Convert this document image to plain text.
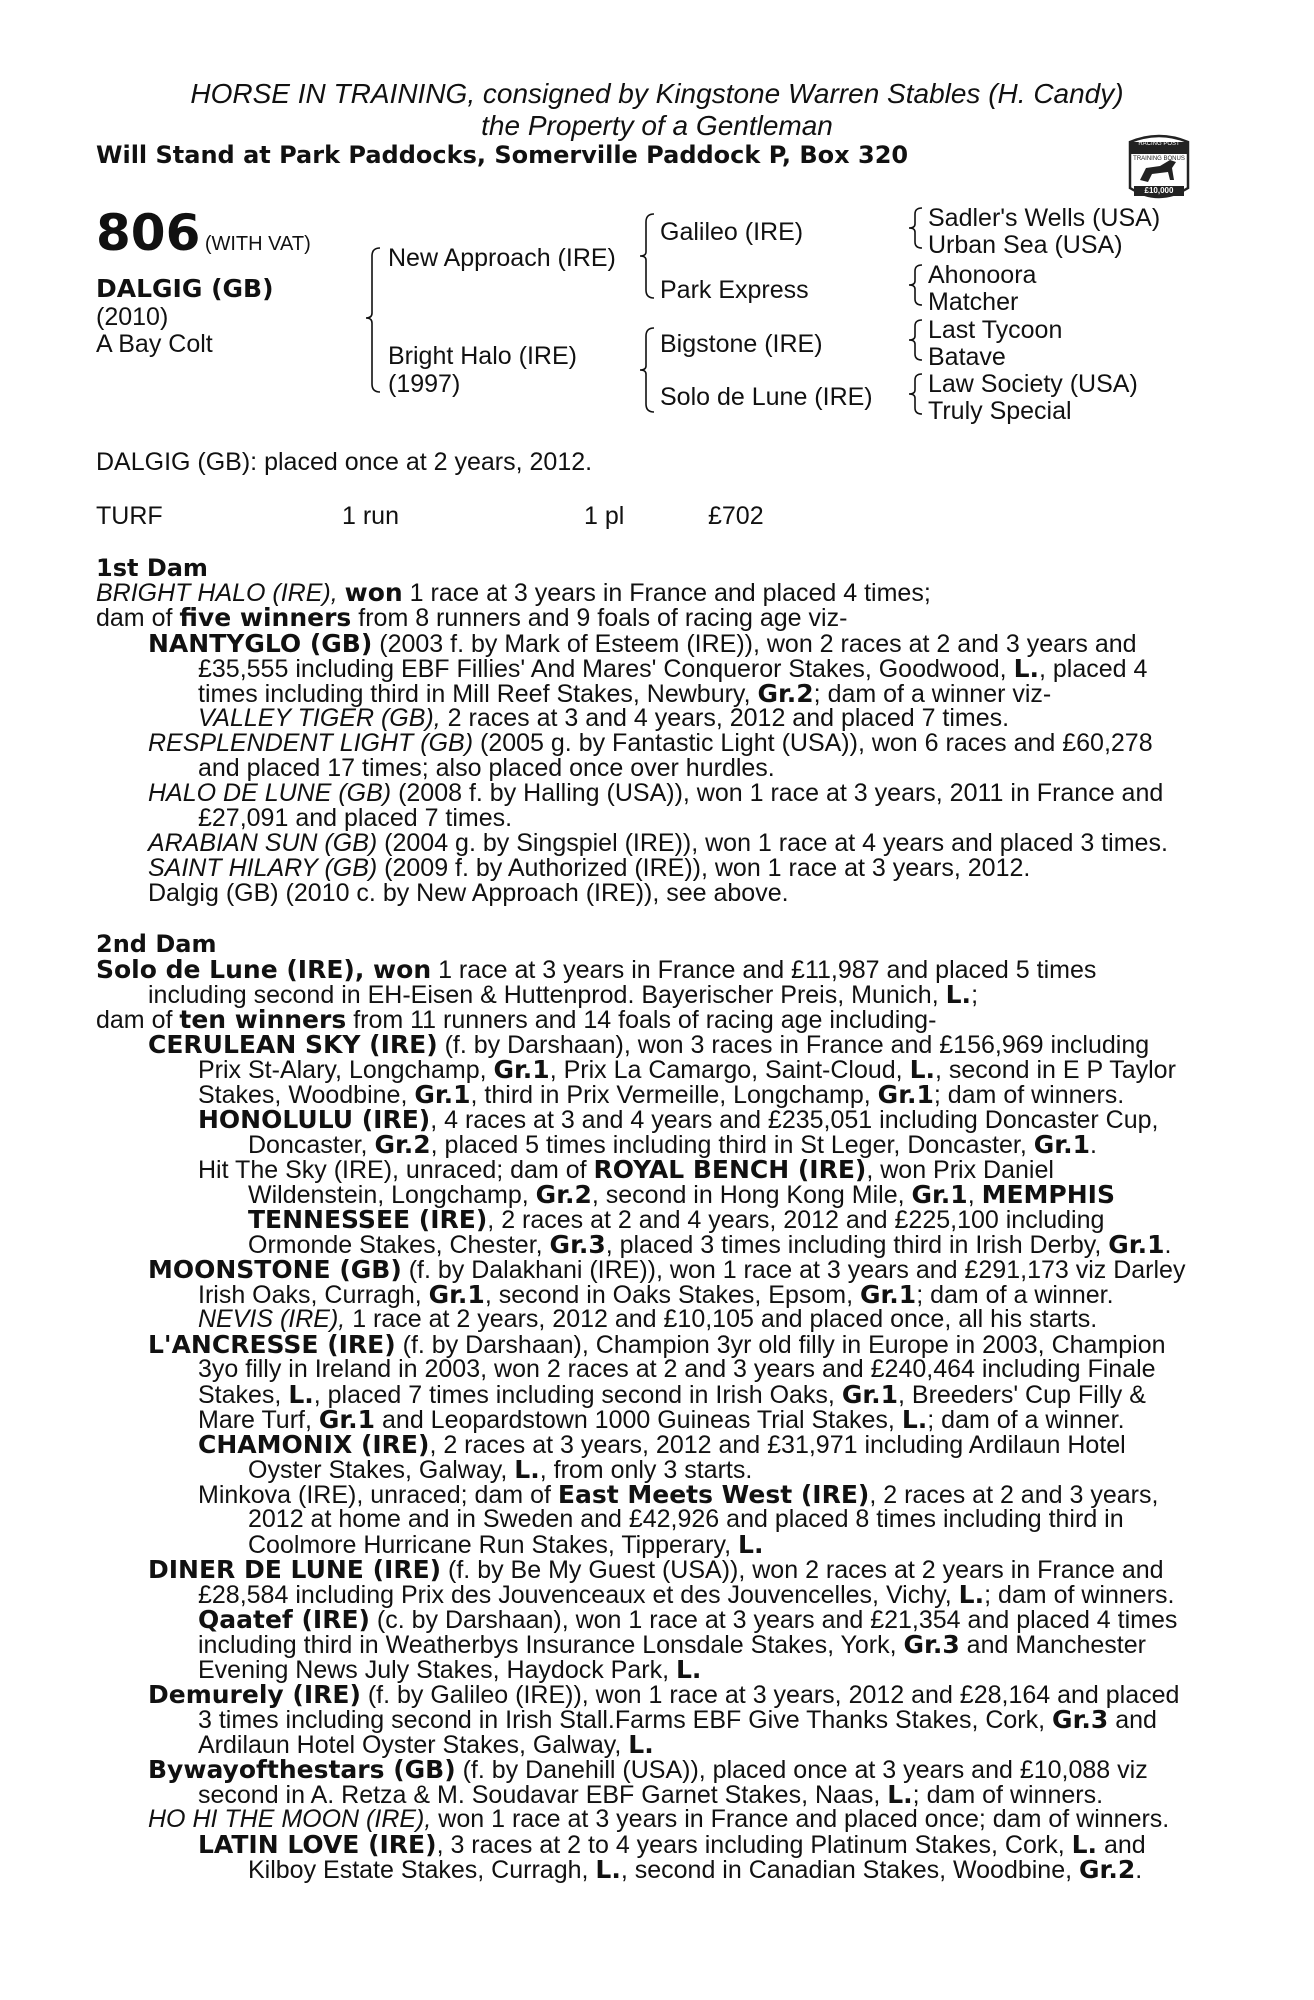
HORSE IN TRAINING, consigned by Kingstone Warren Stables (H. Candy)
the Property of a Gentleman
Will Stand at Park Paddocks, Somerville Paddock P, Box 320	RACING POST
TRAINING BONUS
£10,000
806 (WITH VAT)
DALGIG (GB)
(2010)
A Bay Colt
New Approach (IRE)
Bright Halo (IRE)
(1997)
Galileo (IRE)
Park Express
Bigstone (IRE)
Solo de Lune (IRE)
Sadler's Wells (USA)
Urban Sea (USA)
Ahonoora
Matcher
Last Tycoon
Batave
Law Society (USA)
Truly Special
DALGIG (GB): placed once at 2 years, 2012.
TURF	1 run	1 pl	£702
1st Dam
BRIGHT HALO (IRE), won 1 race at 3 years in France and placed 4 times;
dam of five winners from 8 runners and 9 foals of racing age viz-
NANTYGLO (GB) (2003 f. by Mark of Esteem (IRE)), won 2 races at 2 and 3 years and
£35,555 including EBF Fillies' And Mares' Conqueror Stakes, Goodwood, L., placed 4
times including third in Mill Reef Stakes, Newbury, Gr.2; dam of a winner viz-
VALLEY TIGER (GB), 2 races at 3 and 4 years, 2012 and placed 7 times.
RESPLENDENT LIGHT (GB) (2005 g. by Fantastic Light (USA)), won 6 races and £60,278
and placed 17 times; also placed once over hurdles.
HALO DE LUNE (GB) (2008 f. by Halling (USA)), won 1 race at 3 years, 2011 in France and
£27,091 and placed 7 times.
ARABIAN SUN (GB) (2004 g. by Singspiel (IRE)), won 1 race at 4 years and placed 3 times.
SAINT HILARY (GB) (2009 f. by Authorized (IRE)), won 1 race at 3 years, 2012.
Dalgig (GB) (2010 c. by New Approach (IRE)), see above.
2nd Dam
Solo de Lune (IRE), won 1 race at 3 years in France and £11,987 and placed 5 times
including second in EH-Eisen & Huttenprod. Bayerischer Preis, Munich, L.;
dam of ten winners from 11 runners and 14 foals of racing age including-
CERULEAN SKY (IRE) (f. by Darshaan), won 3 races in France and £156,969 including
Prix St-Alary, Longchamp, Gr.1, Prix La Camargo, Saint-Cloud, L., second in E P Taylor
Stakes, Woodbine, Gr.1, third in Prix Vermeille, Longchamp, Gr.1; dam of winners.
HONOLULU (IRE), 4 races at 3 and 4 years and £235,051 including Doncaster Cup,
Doncaster, Gr.2, placed 5 times including third in St Leger, Doncaster, Gr.1.
Hit The Sky (IRE), unraced; dam of ROYAL BENCH (IRE), won Prix Daniel
Wildenstein, Longchamp, Gr.2, second in Hong Kong Mile, Gr.1, MEMPHIS
TENNESSEE (IRE), 2 races at 2 and 4 years, 2012 and £225,100 including
Ormonde Stakes, Chester, Gr.3, placed 3 times including third in Irish Derby, Gr.1.
MOONSTONE (GB) (f. by Dalakhani (IRE)), won 1 race at 3 years and £291,173 viz Darley
Irish Oaks, Curragh, Gr.1, second in Oaks Stakes, Epsom, Gr.1; dam of a winner.
NEVIS (IRE), 1 race at 2 years, 2012 and £10,105 and placed once, all his starts.
L'ANCRESSE (IRE) (f. by Darshaan), Champion 3yr old filly in Europe in 2003, Champion
3yo filly in Ireland in 2003, won 2 races at 2 and 3 years and £240,464 including Finale
Stakes, L., placed 7 times including second in Irish Oaks, Gr.1, Breeders' Cup Filly &
Mare Turf, Gr.1 and Leopardstown 1000 Guineas Trial Stakes, L.; dam of a winner.
CHAMONIX (IRE), 2 races at 3 years, 2012 and £31,971 including Ardilaun Hotel
Oyster Stakes, Galway, L., from only 3 starts.
Minkova (IRE), unraced; dam of East Meets West (IRE), 2 races at 2 and 3 years,
2012 at home and in Sweden and £42,926 and placed 8 times including third in
Coolmore Hurricane Run Stakes, Tipperary, L.
DINER DE LUNE (IRE) (f. by Be My Guest (USA)), won 2 races at 2 years in France and
£28,584 including Prix des Jouvenceaux et des Jouvencelles, Vichy, L.; dam of winners.
Qaatef (IRE) (c. by Darshaan), won 1 race at 3 years and £21,354 and placed 4 times
including third in Weatherbys Insurance Lonsdale Stakes, York, Gr.3 and Manchester
Evening News July Stakes, Haydock Park, L.
Demurely (IRE) (f. by Galileo (IRE)), won 1 race at 3 years, 2012 and £28,164 and placed
3 times including second in Irish Stall.Farms EBF Give Thanks Stakes, Cork, Gr.3 and
Ardilaun Hotel Oyster Stakes, Galway, L.
Bywayofthestars (GB) (f. by Danehill (USA)), placed once at 3 years and £10,088 viz
second in A. Retza & M. Soudavar EBF Garnet Stakes, Naas, L.; dam of winners.
HO HI THE MOON (IRE), won 1 race at 3 years in France and placed once; dam of winners.
LATIN LOVE (IRE), 3 races at 2 to 4 years including Platinum Stakes, Cork, L. and
Kilboy Estate Stakes, Curragh, L., second in Canadian Stakes, Woodbine, Gr.2.
